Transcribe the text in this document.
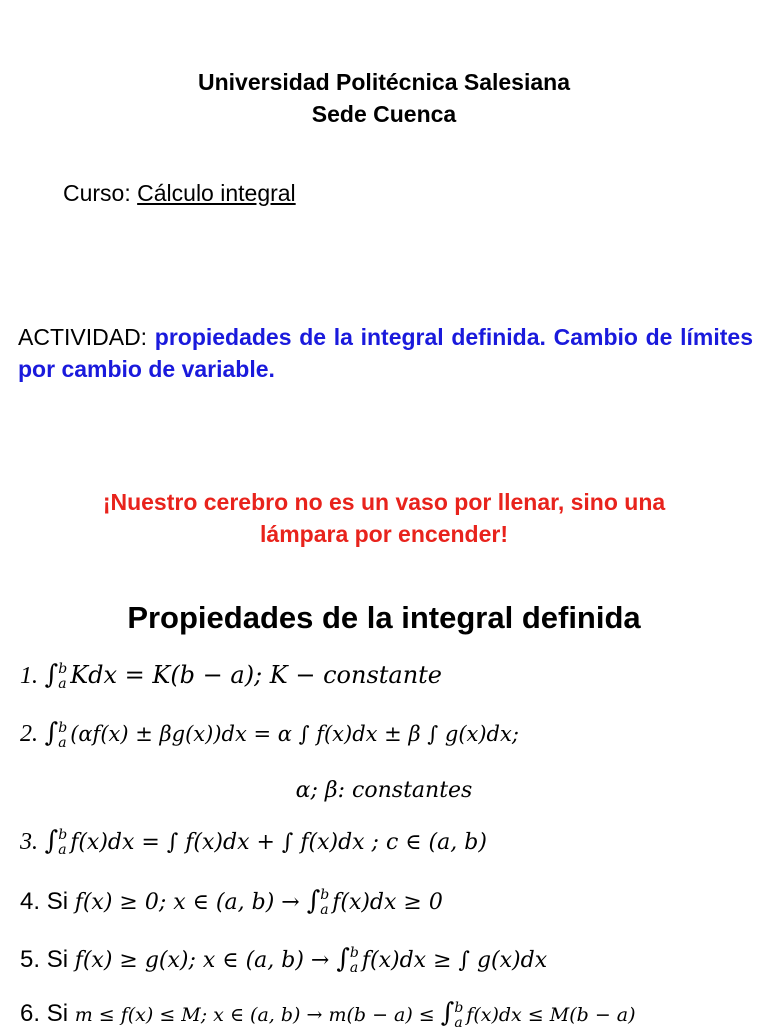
Universidad Politécnica Salesiana
Sede Cuenca
Curso: Cálculo integral
ACTIVIDAD: propiedades de la integral definida. Cambio de límites por cambio de variable.
¡Nuestro cerebro no es un vaso por llenar, sino una
lámpara por encender!
Propiedades de la integral definida
1. ∫ b
a Kdx = K(b − a); K − constante
2. ∫ b
a (αf(x) ± βg(x))dx = α ∫ f(x)dx ± β ∫ g(x)dx;
α; β: constantes
3. ∫ b
a f(x)dx = ∫ f(x)dx + ∫ f(x)dx ; c ∈ (a, b)
4. Si f(x) ≥ 0; x ∈ (a, b) → ∫ b
a f(x)dx ≥ 0
5. Si f(x) ≥ g(x); x ∈ (a, b) → ∫ b
a f(x)dx ≥ ∫ g(x)dx
6. Si m ≤ f(x) ≤ M; x ∈ (a, b) → m(b − a) ≤ ∫ b
a f(x)dx ≤ M(b − a)
